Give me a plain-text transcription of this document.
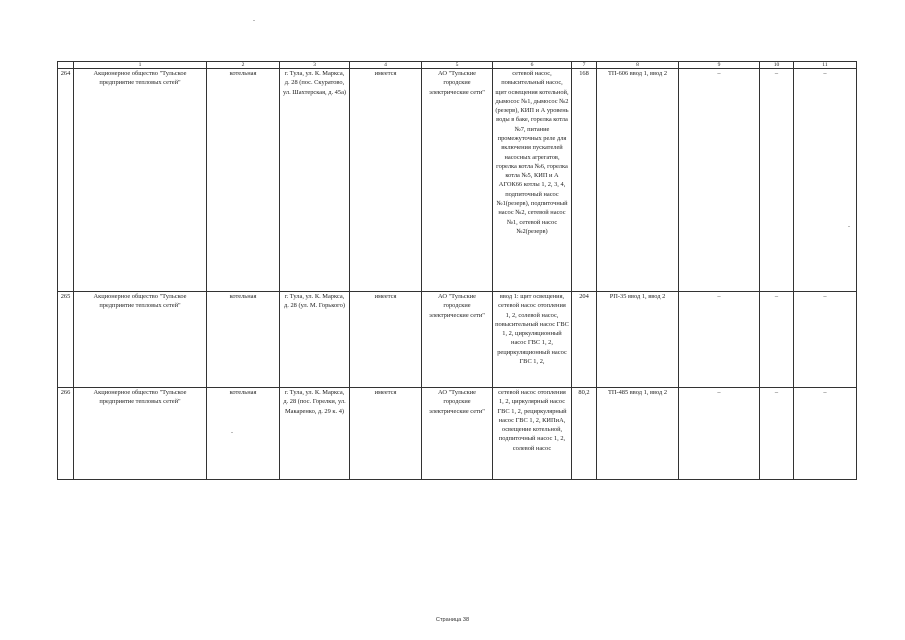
	1	2	3	4	5	6	7	8	9	10	11
264	Акционерное общество "Тульское предприятие тепловых сетей"	котельная	г. Тула, ул. К. Маркса, д. 28 (пос. Скуратово, ул. Шахтерская, д. 45а)	имеется	АО "Тульские городские электрические сети"	сетевой насос, повысительный насос, щит освещения котельной, дымосос №1, дымосос №2 (резерв), КИП и А уровень воды в баке, горелка котла №7, питание промежуточных реле для включения пускателей насосных агрегатов, горелка котла №6, горелка котла №5, КИП и А АГОК66 котлы 1, 2, 3, 4, подпиточный насос №1(резерв), подпиточный насос №2, сетевой насос №1, сетевой насос №2(резерв)	168	ТП-606 ввод 1, ввод 2	–	–	–
265	Акционерное общество "Тульское предприятие тепловых сетей"	котельная	г. Тула, ул. К. Маркса, д. 28 (ул. М. Горького)	имеется	АО "Тульские городские электрические сети"	ввод 1: щит освещения, сетевой насос отопления 1, 2, солевой насос, повысительный насос ГВС 1, 2, циркуляционный насос ГВС 1, 2, рециркуляционный насос ГВС 1, 2,	204	РП-35 ввод 1, ввод 2	–	–	–
266	Акционерное общество "Тульское предприятие тепловых сетей"	котельная	г. Тула, ул. К. Маркса, д. 28 (пос. Горелки, ул. Макаренко, д. 29 к. 4)	имеется	АО "Тульские городские электрические сети"	сетевой насос отопления 1, 2, циркулярный насос ГВС 1, 2, рециркулярный насос ГВС 1, 2, КИПиА, освещение котельной, подпиточный насос 1, 2, солевой насос	80,2	ТП-485 ввод 1, ввод 2	–	–	–
Страница 38
